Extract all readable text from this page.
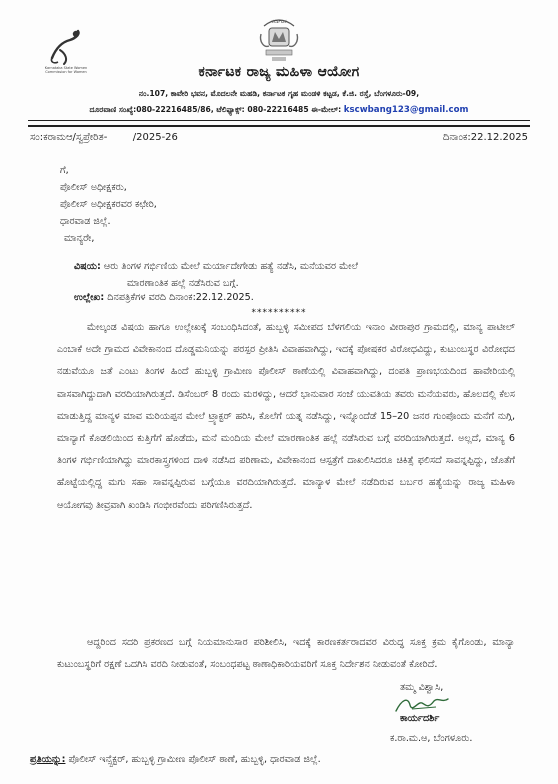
Karnataka State Women Commission for Women
ಕರ್ನಾಟಕ
ಕರ್ನಾಟಕ ರಾಜ್ಯ ಮಹಿಳಾ ಆಯೋಗ
ನಂ.107, ಕಾವೇರಿ ಭವನ, ಮೊದಲನೇ ಮಹಡಿ, ಕರ್ನಾಟಕ ಗೃಹ ಮಂಡಳಿ ಕಟ್ಟಡ, ಕೆ.ಜಿ. ರಸ್ತೆ, ಬೆಂಗಳೂರು-09,
ದೂರವಾಣಿ ಸಂಖ್ಯೆ:080-22216485/86, ಟೆಲಿಫ್ಯಾಕ್ಸ್: 080-22216485 ಈ-ಮೇಲ್: kscwbang123@gmail.com
ಸಂ:ಕರಾಮಆ/ಸ್ವಪ್ರೇರಿತ-        /2025-26	ದಿನಾಂಕ:22.12.2025
ಗೆ,
ಪೊಲೀಸ್ ಅಧೀಕ್ಷಕರು,
ಪೊಲೀಸ್ ಅಧೀಕ್ಷಕರವರ ಕಛೇರಿ,
ಧಾರವಾಡ ಜಿಲ್ಲೆ.
ಮಾನ್ಯರೇ,
ವಿಷಯ: ಆರು ತಿಂಗಳ ಗರ್ಭಿಣಿಯ ಮೇಲೆ ಮರ್ಯಾದೇಗೇಡು ಹತ್ಯೆ ನಡೆಸಿ, ಮನೆಯವರ ಮೇಲೆ
ಮಾರಣಾಂತಿಕ ಹಲ್ಲೆ ನಡೆಸಿರುವ ಬಗ್ಗೆ.
ಉಲ್ಲೇಖ: ದಿನಪತ್ರಿಕೆಗಳ ವರದಿ ದಿನಾಂಕ:22.12.2025.
**********
ಮೇಲ್ಕಂಡ ವಿಷಯ ಹಾಗೂ ಉಲ್ಲೇಖಕ್ಕೆ ಸಂಬಂಧಿಸಿದಂತೆ, ಹುಬ್ಬಳ್ಳಿ ಸಮೀಪದ ಬೆಳಗಲಿಯ ಇನಾಂ ವೀರಾಪುರ ಗ್ರಾಮದಲ್ಲಿ, ಮಾನ್ಯ ಪಾಟೀಲ್ ಎಂಬಾಕೆ ಅದೇ ಗ್ರಾಮದ ವಿವೇಕಾನಂದ ದೊಡ್ಡಮನಿಯನ್ನು ಪರಸ್ಪರ ಪ್ರೀತಿಸಿ ವಿವಾಹವಾಗಿದ್ದು, ಇದಕ್ಕೆ ಪೋಷಕರ ವಿರೋಧವಿದ್ದು, ಕುಟುಂಬಸ್ಥರ ವಿರೋಧದ ನಡುವೆಯೂ ಜತೆ ಎಂಟು ತಿಂಗಳ ಹಿಂದೆ ಹುಬ್ಬಳ್ಳಿ ಗ್ರಾಮೀಣ ಪೊಲೀಸ್ ಠಾಣೆಯಲ್ಲಿ ವಿವಾಹವಾಗಿದ್ದು, ದಂಪತಿ ಪ್ರಾಣಭಯದಿಂದ ಹಾವೇರಿಯಲ್ಲಿ ವಾಸವಾಗಿದ್ದುದಾಗಿ ವರದಿಯಾಗಿರುತ್ತದೆ. ಡಿಸೆಂಬರ್ 8 ರಂದು ಮರಳಿದ್ದು, ಆದರೆ ಭಾನುವಾರ ಸಂಜೆ ಯುವತಿಯ ತವರು ಮನೆಯವರು, ಹೊಲದಲ್ಲಿ ಕೆಲಸ ಮಾಡುತ್ತಿದ್ದ ಮಾನ್ಯಳ ಮಾವ ಮರಿಯಪ್ಪನ ಮೇಲೆ ಟ್ರ್ಯಾಕ್ಟರ್ ಹರಿಸಿ, ಕೊಲೆಗೆ ಯತ್ನ ನಡೆಸಿದ್ದು, ಇನ್ನೊಂದೆಡೆ 15–20 ಜನರ ಗುಂಪೊಂದು ಮನೆಗೆ ನುಗ್ಗಿ, ಮಾನ್ಯಾಗೆ ಕೊಡಲಿಯಿಂದ ಕುತ್ತಿಗೆಗೆ ಹೊಡೆದು, ಮನೆ ಮಂದಿಯ ಮೇಲೆ ಮಾರಣಾಂತಿಕ ಹಲ್ಲೆ ನಡೆಸಿರುವ ಬಗ್ಗೆ ವರದಿಯಾಗಿರುತ್ತದೆ. ಅಲ್ಲದೆ, ಮಾನ್ಯ 6 ತಿಂಗಳ ಗರ್ಭಿಣಿಯಾಗಿದ್ದು ಮಾರಕಾಸ್ತ್ರಗಳಿಂದ ದಾಳಿ ನಡೆಸಿದ ಪರಿಣಾಮ, ವಿವೇಕಾನಂದ ಆಸ್ಪತ್ರೆಗೆ ದಾಖಲಿಸಿದರೂ ಚಿಕಿತ್ಸೆ ಫಲಿಸದೆ ಸಾವನ್ನಪ್ಪಿದ್ದು, ಜೊತೆಗೆ ಹೊಟ್ಟೆಯಲ್ಲಿದ್ದ ಮಗು ಸಹಾ ಸಾವನ್ನಪ್ಪಿರುವ ಬಗ್ಗೆಯೂ ವರದಿಯಾಗಿರುತ್ತದೆ. ಮಾನ್ಯಾಳ ಮೇಲೆ ನಡೆದಿರುವ ಬರ್ಬರ ಹತ್ಯೆಯನ್ನು ರಾಜ್ಯ ಮಹಿಳಾ ಆಯೋಗವು ತೀವ್ರವಾಗಿ ಖಂಡಿಸಿ ಗಂಭೀರವೆಂದು ಪರಿಗಣಿಸಿರುತ್ತದೆ.
ಆದ್ದರಿಂದ ಸದರಿ ಪ್ರಕರಣದ ಬಗ್ಗೆ ನಿಯಮಾನುಸಾರ ಪರಿಶೀಲಿಸಿ, ಇದಕ್ಕೆ ಕಾರಣಕರ್ತರಾದವರ ವಿರುದ್ಧ ಸೂಕ್ತ ಕ್ರಮ ಕೈಗೊಂಡು, ಮಾನ್ಯಾ ಕುಟುಂಬಸ್ಥರಿಗೆ ರಕ್ಷಣೆ ಒದಗಿಸಿ ವರದಿ ನೀಡುವಂತೆ, ಸಂಬಂಧಪಟ್ಟ ಠಾಣಾಧಿಕಾರಿಯವರಿಗೆ ಸೂಕ್ತ ನಿರ್ದೇಶನ ನೀಡುವಂತೆ ಕೋರಿದೆ.
ತಮ್ಮ ವಿಶ್ವಾಸಿ,
ಕಾರ್ಯದರ್ಶಿ
ಕ.ರಾ.ಮ.ಆ, ಬೆಂಗಳೂರು.
ಪ್ರತಿಯನ್ನು: ಪೊಲೀಸ್ ಇನ್ಸ್ಪೆಕ್ಟರ್, ಹುಬ್ಬಳ್ಳಿ ಗ್ರಾಮೀಣ ಪೊಲೀಸ್ ಠಾಣೆ, ಹುಬ್ಬಳ್ಳಿ, ಧಾರವಾಡ ಜಿಲ್ಲೆ.
